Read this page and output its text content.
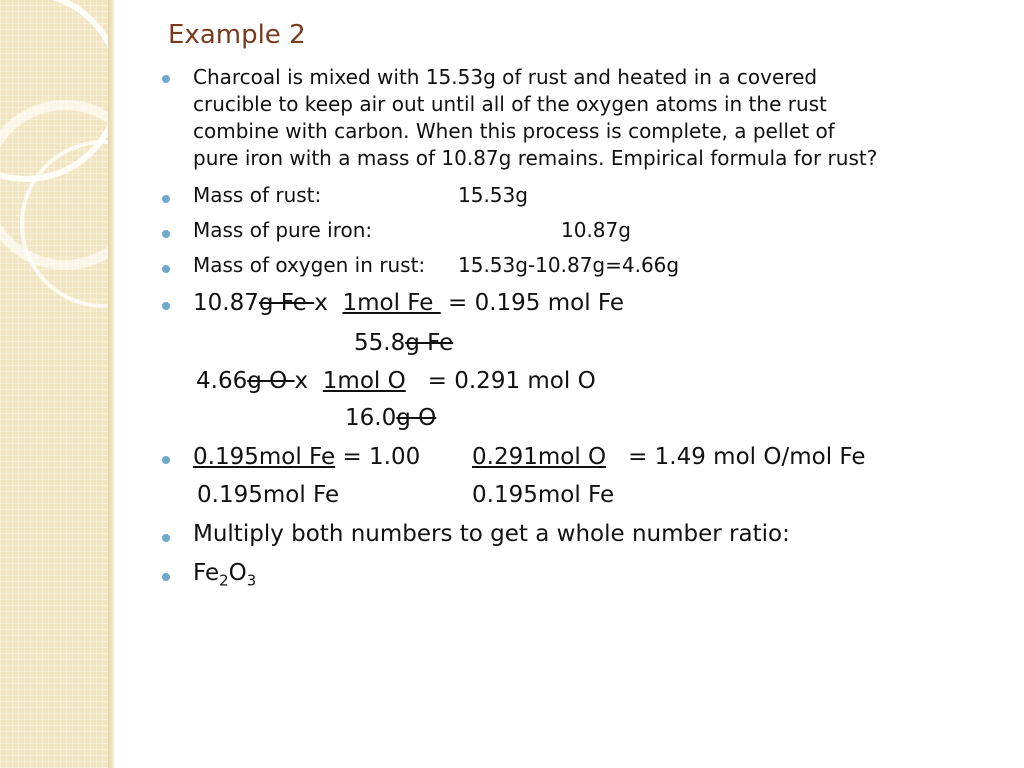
Example 2
Charcoal is mixed with 15.53g of rust and heated in a covered
crucible to keep air out until all of the oxygen atoms in the rust
combine with carbon. When this process is complete, a pellet of
pure iron with a mass of 10.87g remains. Empirical formula for rust?
Mass of rust:	15.53g
Mass of pure iron:	10.87g
Mass of oxygen in rust: 15.53g-10.87g=4.66g
10.87g Fe x 1mol Fe  = 0.195 mol Fe
55.8g Fe
4.66g O x 1mol O = 0.291 mol O
16.0g O
0.195mol Fe = 1.00 0.291mol O = 1.49 mol O/mol Fe
0.195mol Fe	0.195mol Fe
Multiply both numbers to get a whole number ratio:
$Fe_2O_3$
